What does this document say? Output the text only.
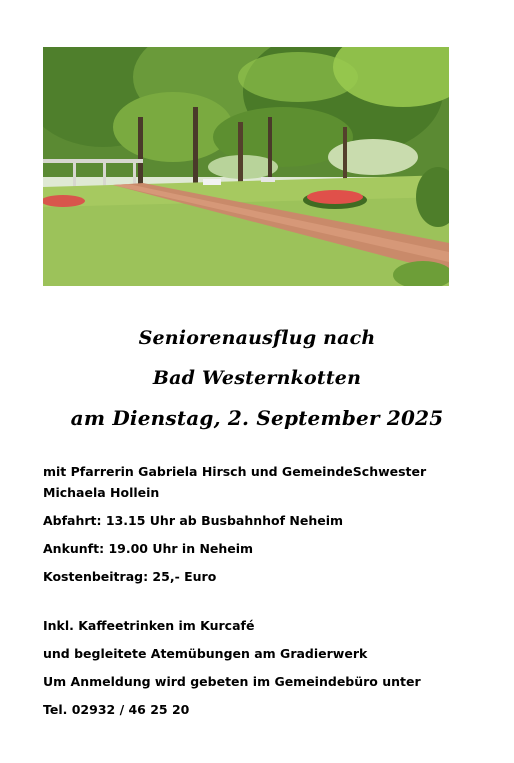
Seniorenausflug nach
Bad Westernkotten
am Dienstag, 2. September 2025

mit Pfarrerin Gabriela Hirsch und GemeindeSchwester

Michaela Hollein

Abfahrt: 13.15 Uhr ab Busbahnhof Neheim

Ankunft: 19.00 Uhr in Neheim

Kostenbeitrag: 25,- Euro

Inkl. Kaffeetrinken im Kurcafé

und begleitete Atemübungen am Gradierwerk

Um Anmeldung wird gebeten im Gemeindebüro unter

Tel. 02932 / 46 25 20
